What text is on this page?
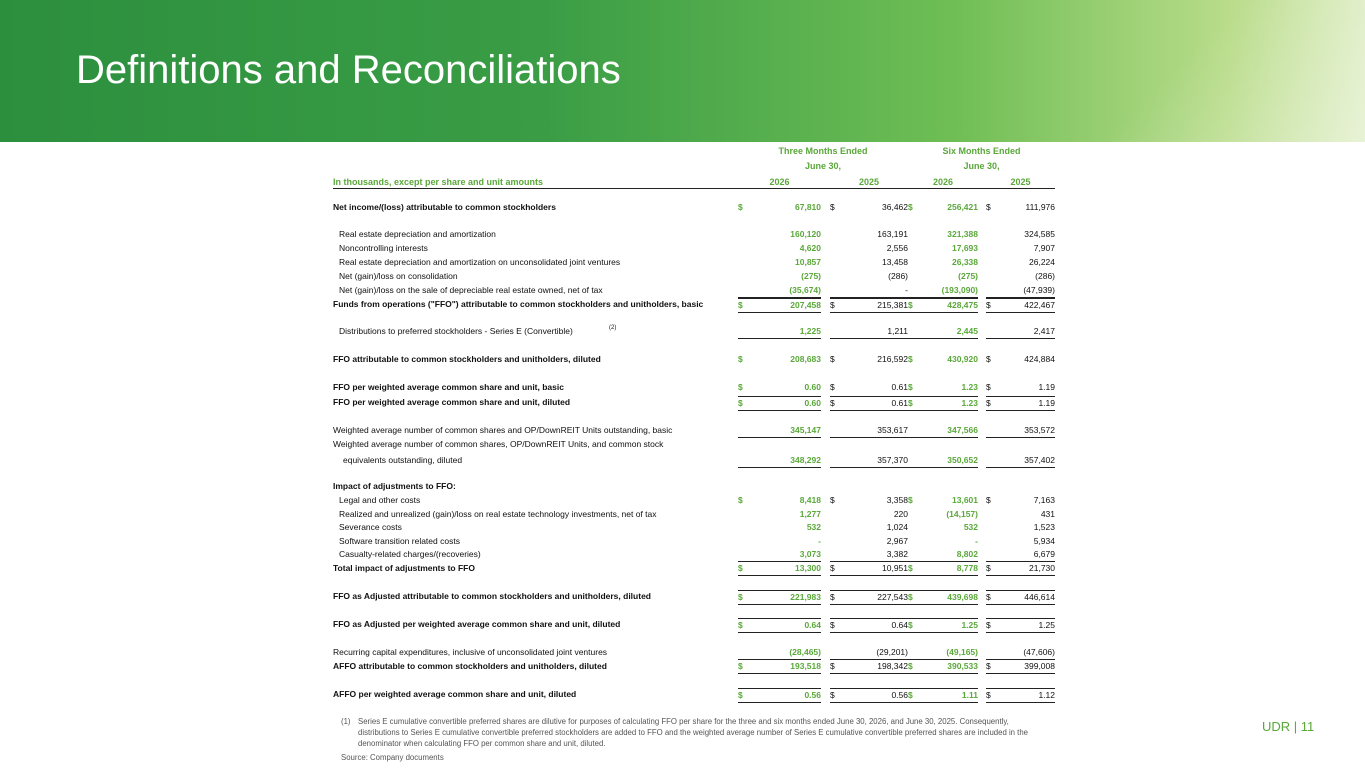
Definitions and Reconciliations
Three Months Ended	Six Months Ended
June 30,	June 30,
In thousands, except per share and unit amounts	2026	2025	2026	2025
Net income/(loss) attributable to common stockholders	$	67,810 $	36,462 $	256,421 $	111,976
Real estate depreciation and amortization	160,120	163,191	321,388	324,585
Noncontrolling interests	4,620	2,556	17,693	7,907
Real estate depreciation and amortization on unconsolidated joint ventures	10,857	13,458	26,338	26,224
Net (gain)/loss on consolidation	(275)	(286)	(275)	(286)
Net (gain)/loss on the sale of depreciable real estate owned, net of tax	(35,674)	-	(193,090)	(47,939)
Funds from operations ("FFO") attributable to common stockholders and unitholders, basic	$	207,458 $	215,381 $	428,475 $	422,467
Distributions to preferred stockholders - Series E (Convertible)	(2)	1,225	1,211	2,445	2,417
FFO attributable to common stockholders and unitholders, diluted	$	208,683 $	216,592 $	430,920 $	424,884
FFO per weighted average common share and unit, basic	$	0.60 $	0.61 $	1.23 $	1.19
FFO per weighted average common share and unit, diluted	$	0.60 $	0.61 $	1.23 $	1.19
Weighted average number of common shares and OP/DownREIT Units outstanding, basic	345,147	353,617	347,566	353,572
Weighted average number of common shares, OP/DownREIT Units, and common stock
equivalents outstanding, diluted	348,292	357,370	350,652	357,402
Impact of adjustments to FFO:
Legal and other costs	$	8,418 $	3,358 $	13,601 $	7,163
Realized and unrealized (gain)/loss on real estate technology investments, net of tax	1,277	220	(14,157)	431
Severance costs	532	1,024	532	1,523
Software transition related costs	-	2,967	-	5,934
Casualty-related charges/(recoveries)	3,073	3,382	8,802	6,679
Total impact of adjustments to FFO	$	13,300 $	10,951 $	8,778 $	21,730
FFO as Adjusted attributable to common stockholders and unitholders, diluted	$	221,983 $	227,543 $	439,698 $	446,614
FFO as Adjusted per weighted average common share and unit, diluted	$	0.64 $	0.64 $	1.25 $	1.25
Recurring capital expenditures, inclusive of unconsolidated joint ventures	(28,465)	(29,201)	(49,165)	(47,606)
AFFO attributable to common stockholders and unitholders, diluted	$	193,518 $	198,342 $	390,533 $	399,008
AFFO per weighted average common share and unit, diluted	$	0.56 $	0.56 $	1.11 $	1.12
(1) Series E cumulative convertible preferred shares are dilutive for purposes of calculating FFO per share for the three and six months ended June 30, 2026, and June 30, 2025. Consequently, distributions to Series E cumulative convertible preferred stockholders are added to FFO and the weighted average number of Series E cumulative convertible preferred shares are included in the denominator when calculating FFO per common share and unit, diluted.
Source: Company documents
UDR | 11
